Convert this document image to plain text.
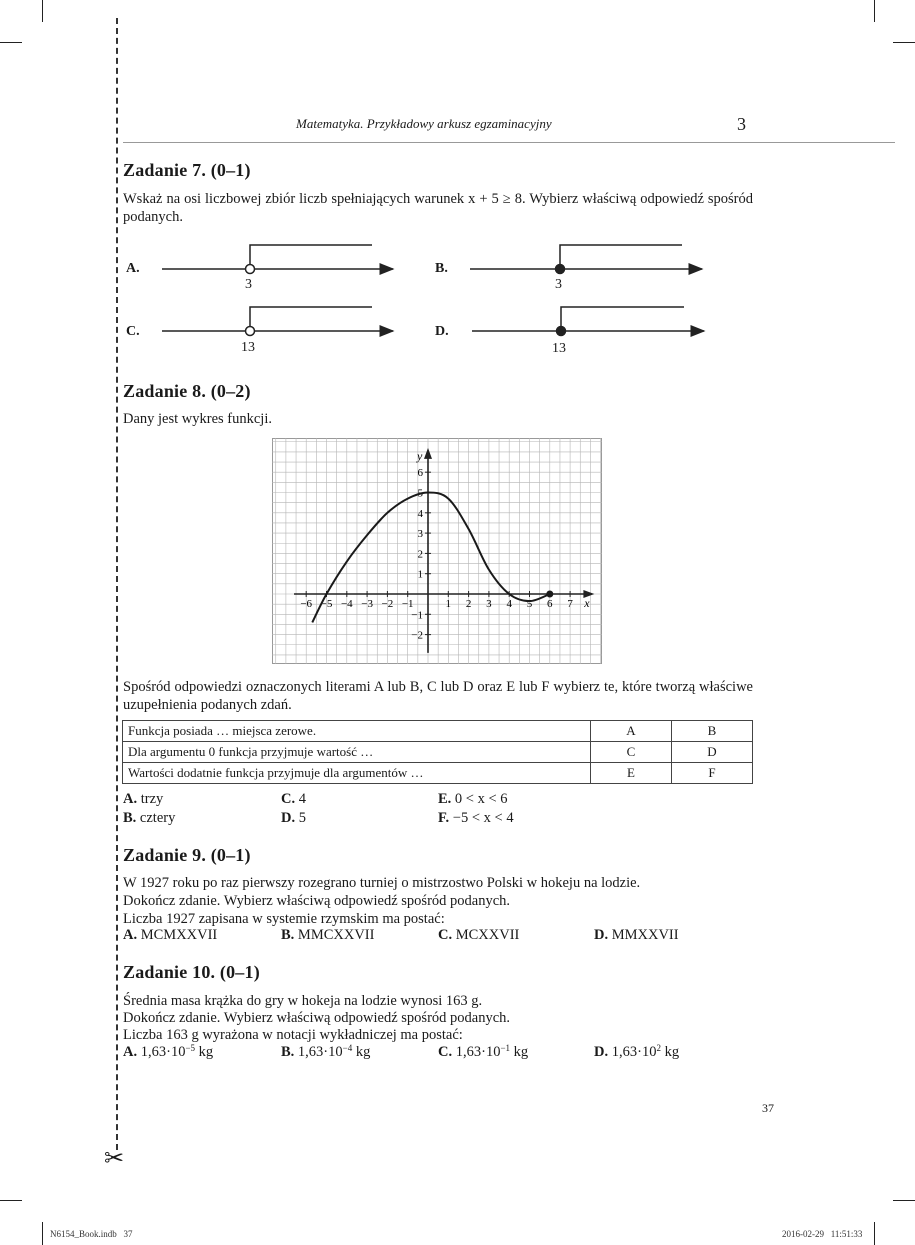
✂
Matematyka. Przykładowy arkusz egzaminacyjny	3
Zadanie 7. (0–1)
Wskaż na osi liczbowej zbiór liczb spełniających warunek x + 5 ≥ 8. Wybierz właściwą odpowiedź spośród podanych.
A.	B.
C.	D.
3	3
13	13
Zadanie 8. (0–2)
Dany jest wykres funkcji.
x
y
−6 −5 −4 −3 −2 −1	1 2 3 4 5 6 7
−2
−1
1
2
3
4
5
6
Spośród odpowiedzi oznaczonych literami A lub B, C lub D oraz E lub F wybierz te, które tworzą właściwe uzupełnienia podanych zdań.
Funkcja posiada … miejsca zerowe.	A	B
Dla argumentu 0 funkcja przyjmuje wartość …	C	D
Wartości dodatnie funkcja przyjmuje dla argumentów …	E	F
A. trzy	C. 4	E. 0 < x < 6
B. cztery	D. 5	F. −5 < x < 4
Zadanie 9. (0–1)
W 1927 roku po raz pierwszy rozegrano turniej o mistrzostwo Polski w hokeju na lodzie.
Dokończ zdanie. Wybierz właściwą odpowiedź spośród podanych.
Liczba 1927 zapisana w systemie rzymskim ma postać:
A. MCMXXVII	B. MMCXXVII	C. MCXXVII	D. MMXXVII
Zadanie 10. (0–1)
Średnia masa krążka do gry w hokeja na lodzie wynosi 163 g.
Dokończ zdanie. Wybierz właściwą odpowiedź spośród podanych.
Liczba 163 g wyrażona w notacji wykładniczej ma postać:
A. $1,63\cdot 10^{-5}$ kg	B. $1,63\cdot 10^{-4}$ kg	C. $1,63\cdot 10^{-1}$ kg	D. $1,63\cdot 10^2$ kg
37
N6154_Book.indb   37	2016-02-29   11:51:33
